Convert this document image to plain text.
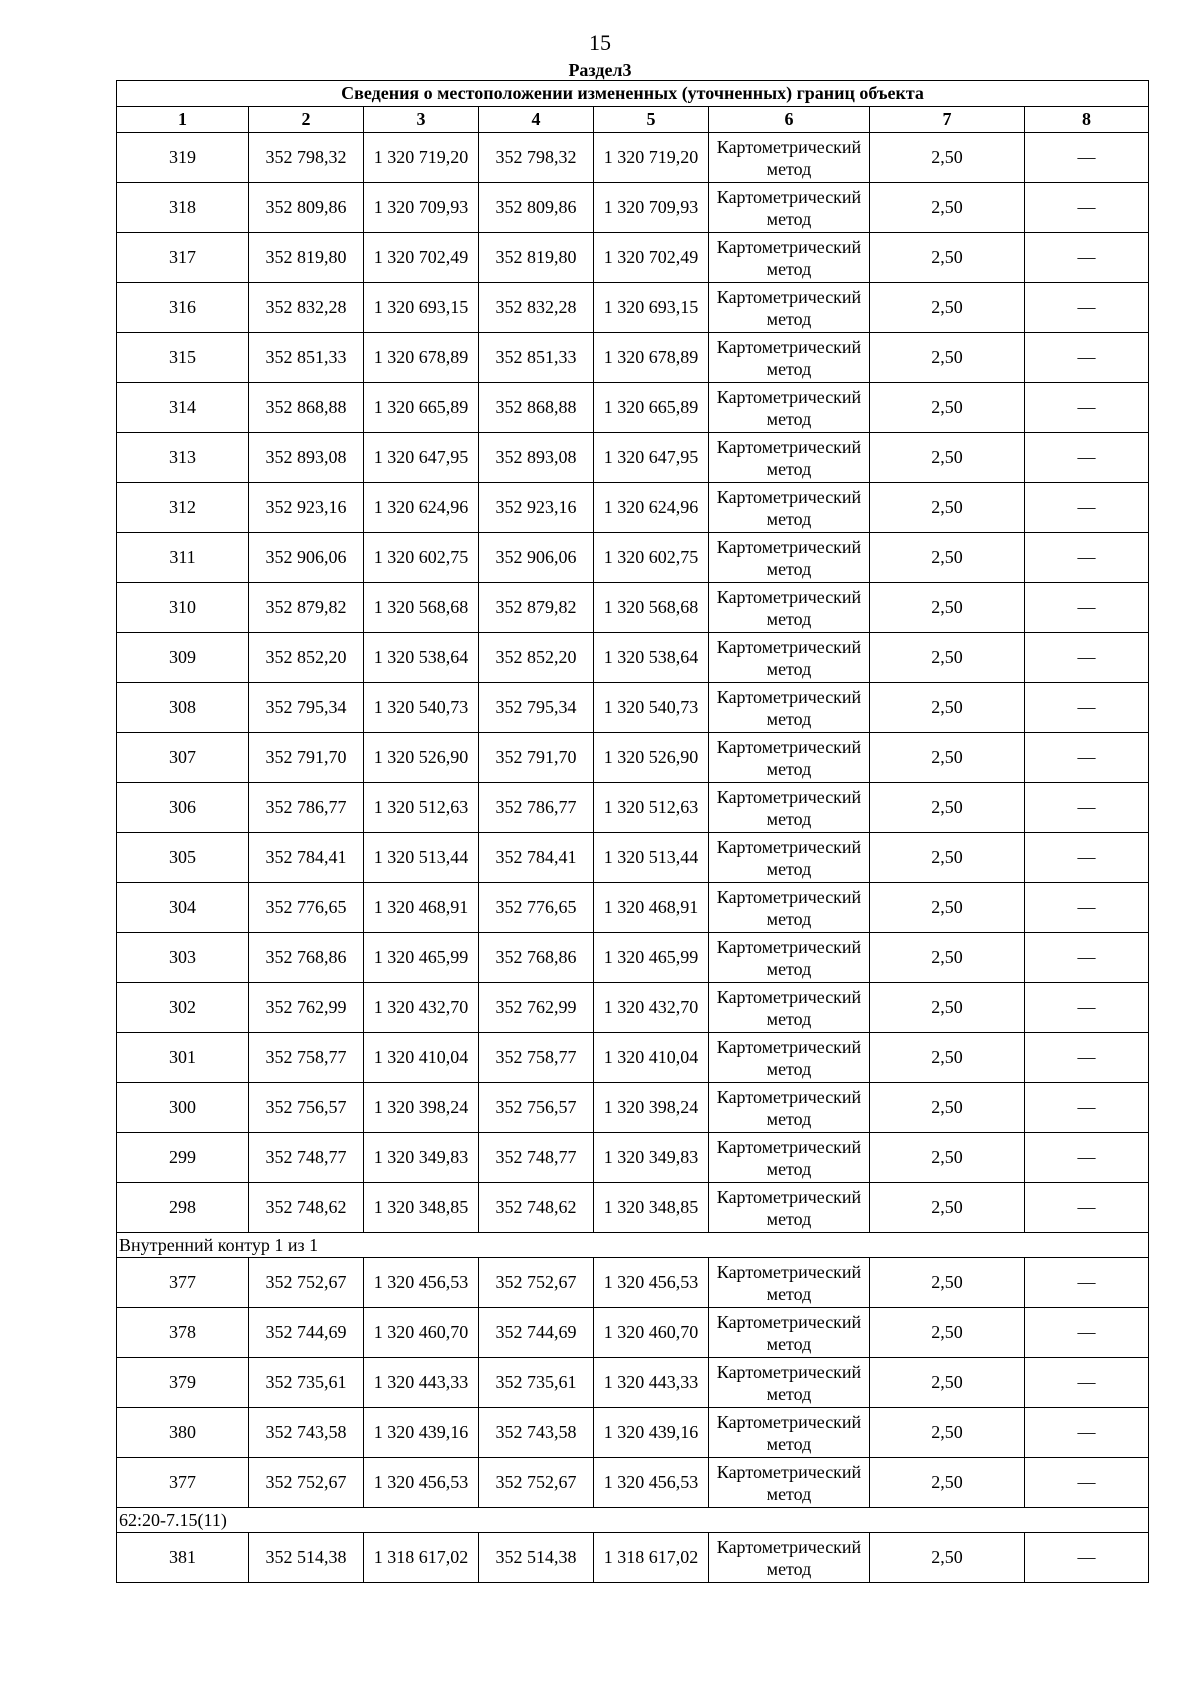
15
Раздел3
Сведения о местоположении измененных (уточненных) границ объекта							
1	2	3	4	5	6	7	8
319	352 798,32	1 320 719,20	352 798,32	1 320 719,20	Картометрический метод	2,50	—
318	352 809,86	1 320 709,93	352 809,86	1 320 709,93	Картометрический метод	2,50	—
317	352 819,80	1 320 702,49	352 819,80	1 320 702,49	Картометрический метод	2,50	—
316	352 832,28	1 320 693,15	352 832,28	1 320 693,15	Картометрический метод	2,50	—
315	352 851,33	1 320 678,89	352 851,33	1 320 678,89	Картометрический метод	2,50	—
314	352 868,88	1 320 665,89	352 868,88	1 320 665,89	Картометрический метод	2,50	—
313	352 893,08	1 320 647,95	352 893,08	1 320 647,95	Картометрический метод	2,50	—
312	352 923,16	1 320 624,96	352 923,16	1 320 624,96	Картометрический метод	2,50	—
311	352 906,06	1 320 602,75	352 906,06	1 320 602,75	Картометрический метод	2,50	—
310	352 879,82	1 320 568,68	352 879,82	1 320 568,68	Картометрический метод	2,50	—
309	352 852,20	1 320 538,64	352 852,20	1 320 538,64	Картометрический метод	2,50	—
308	352 795,34	1 320 540,73	352 795,34	1 320 540,73	Картометрический метод	2,50	—
307	352 791,70	1 320 526,90	352 791,70	1 320 526,90	Картометрический метод	2,50	—
306	352 786,77	1 320 512,63	352 786,77	1 320 512,63	Картометрический метод	2,50	—
305	352 784,41	1 320 513,44	352 784,41	1 320 513,44	Картометрический метод	2,50	—
304	352 776,65	1 320 468,91	352 776,65	1 320 468,91	Картометрический метод	2,50	—
303	352 768,86	1 320 465,99	352 768,86	1 320 465,99	Картометрический метод	2,50	—
302	352 762,99	1 320 432,70	352 762,99	1 320 432,70	Картометрический метод	2,50	—
301	352 758,77	1 320 410,04	352 758,77	1 320 410,04	Картометрический метод	2,50	—
300	352 756,57	1 320 398,24	352 756,57	1 320 398,24	Картометрический метод	2,50	—
299	352 748,77	1 320 349,83	352 748,77	1 320 349,83	Картометрический метод	2,50	—
298	352 748,62	1 320 348,85	352 748,62	1 320 348,85	Картометрический метод	2,50	—
Внутренний контур 1 из 1							
377	352 752,67	1 320 456,53	352 752,67	1 320 456,53	Картометрический метод	2,50	—
378	352 744,69	1 320 460,70	352 744,69	1 320 460,70	Картометрический метод	2,50	—
379	352 735,61	1 320 443,33	352 735,61	1 320 443,33	Картометрический метод	2,50	—
380	352 743,58	1 320 439,16	352 743,58	1 320 439,16	Картометрический метод	2,50	—
377	352 752,67	1 320 456,53	352 752,67	1 320 456,53	Картометрический метод	2,50	—
62:20-7.15(11)							
381	352 514,38	1 318 617,02	352 514,38	1 318 617,02	Картометрический метод	2,50	—
